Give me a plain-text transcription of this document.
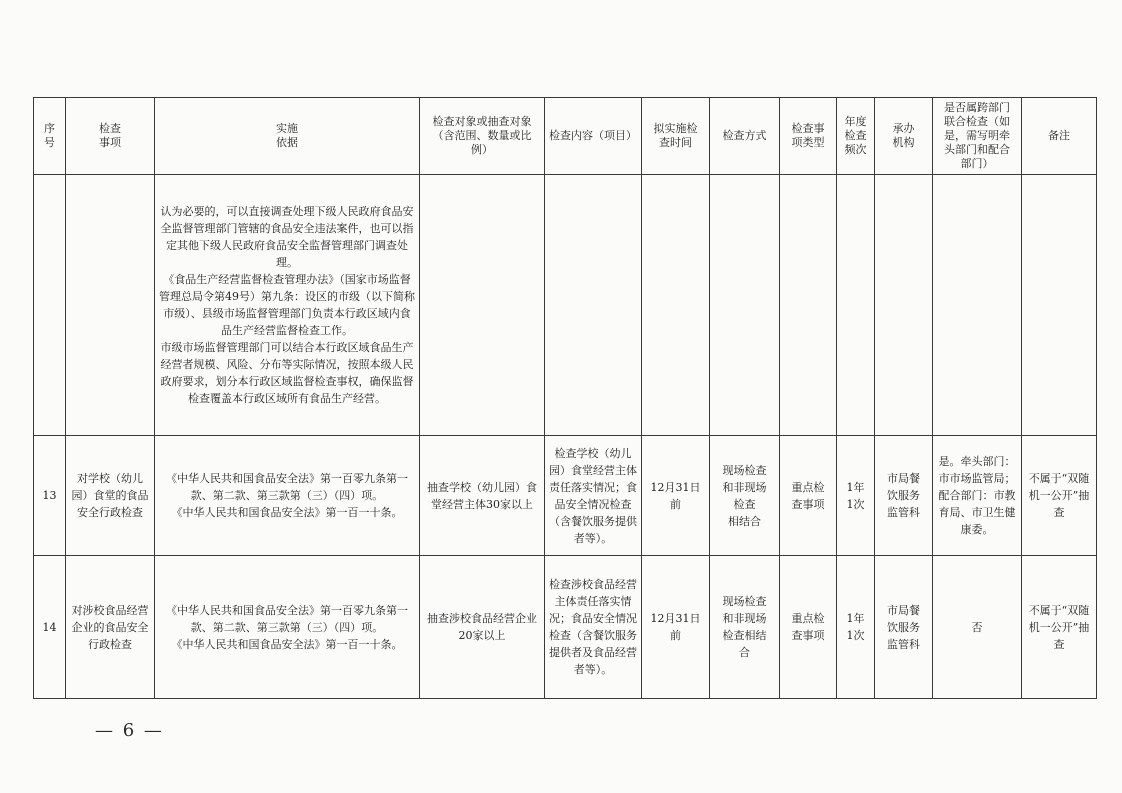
序
号	检查
事项	实施
依据	检查对象或抽查对象
（含范围、数量或比
例）	检查内容（项目）	拟实施检
查时间	检查方式	检查事
项类型	年度
检查
频次	承办
机构	是否属跨部门
联合检查（如
是，需写明牵
头部门和配合
部门）	备注
		认为必要的，可以直接调查处理下级人民政府食品安全监督管理部门管辖的食品安全违法案件，也可以指定其他下级人民政府食品安全监督管理部门调查处理。
《食品生产经营监督检查管理办法》（国家市场监督管理总局令第49号）第九条：设区的市级（以下简称市级）、县级市场监督管理部门负责本行政区域内食品生产经营监督检查工作。
市级市场监督管理部门可以结合本行政区域食品生产经营者规模、风险、分布等实际情况，按照本级人民政府要求，划分本行政区域监督检查事权，确保监督检查覆盖本行政区域所有食品生产经营。									
13	对学校（幼儿园）食堂的食品安全行政检查	《中华人民共和国食品安全法》第一百零九条第一款、第二款、第三款第（三）（四）项。
《中华人民共和国食品安全法》第一百一十条。	抽查学校（幼儿园）食堂经营主体30家以上	检查学校（幼儿园）食堂经营主体责任落实情况；食品安全情况检查（含餐饮服务提供者等）。	12月31日
前	现场检查
和非现场
检查
相结合	重点检
查事项	1年
1次	市局餐
饮服务
监管科	是。牵头部门：市市场监管局；配合部门：市教育局、市卫生健康委。	不属于“双随机一公开”抽查
14	对涉校食品经营企业的食品安全行政检查	《中华人民共和国食品安全法》第一百零九条第一款、第二款、第三款第（三）（四）项。
《中华人民共和国食品安全法》第一百一十条。	抽查涉校食品经营企业20家以上	检查涉校食品经营主体责任落实情况；食品安全情况检查（含餐饮服务提供者及食品经营者等）。	12月31日
前	现场检查
和非现场
检查相结
合	重点检
查事项	1年
1次	市局餐
饮服务
监管科	否	不属于“双随机一公开”抽查
— 6 —
